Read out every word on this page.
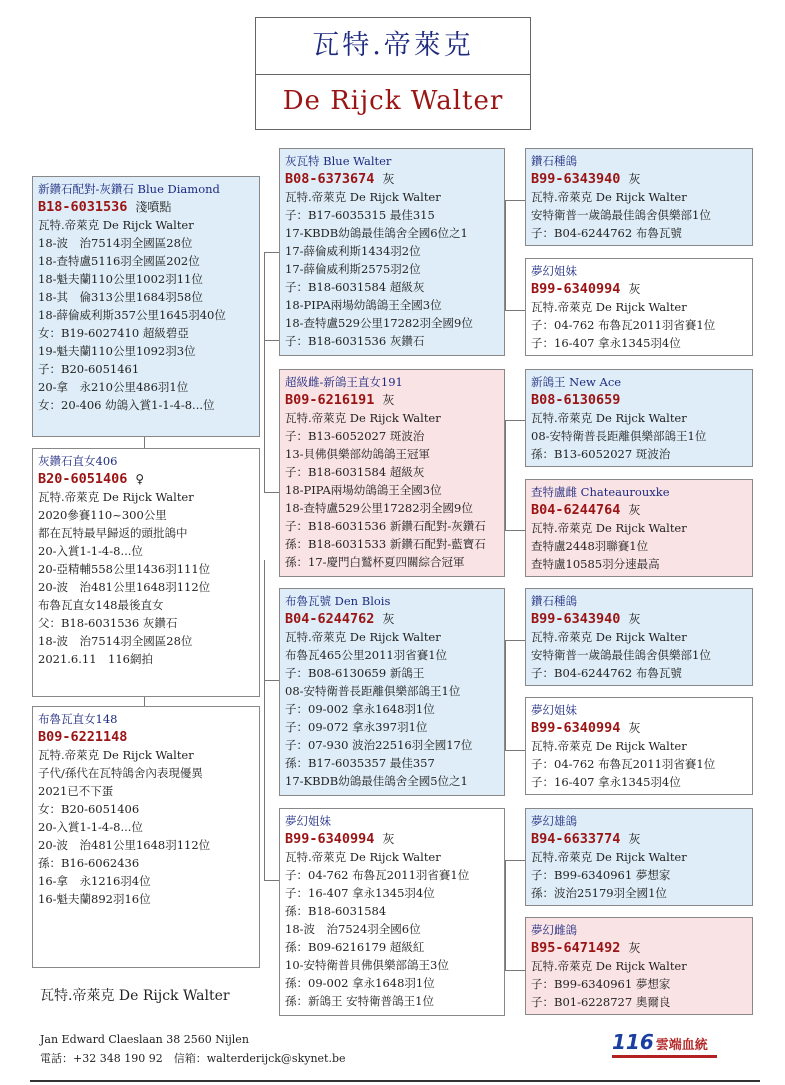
瓦特.帝萊克
De Rijck Walter
新鑽石配對-灰鑽石 Blue Diamond
B18-6031536 淺噴點
瓦特.帝萊克 De Rijck Walter
18-波　治7514羽全國區28位
18-查特盧5116羽全國區202位
18-魁夫蘭110公里1002羽11位
18-其　倫313公里1684羽58位
18-薛倫威利斯357公里1645羽40位
女：B19-6027410 超級碧亞
19-魁夫蘭110公里1092羽3位
子：B20-6051461
20-拿　永210公里486羽1位
女：20-406 幼鴿入賞1-1-4-8...位
灰鑽石直女406
B20-6051406 ♀
瓦特.帝萊克 De Rijck Walter
2020參賽110~300公里
都在瓦特最早歸返的頭批鴿中
20-入賞1-1-4-8...位
20-亞精輔558公里1436羽111位
20-波　治481公里1648羽112位
布魯瓦直女148最後直女
父：B18-6031536 灰鑽石
18-波　治7514羽全國區28位
2021.6.11　116網拍
布魯瓦直女148
B09-6221148
瓦特.帝萊克 De Rijck Walter
子代/孫代在瓦特鴿舍內表現優異
2021已不下蛋
女：B20-6051406
20-入賞1-1-4-8...位
20-波　治481公里1648羽112位
孫：B16-6062436
16-拿　永1216羽4位
16-魁夫蘭892羽16位
灰瓦特 Blue Walter
B08-6373674 灰
瓦特.帝萊克 De Rijck Walter
子：B17-6035315 最佳315
17-KBDB幼鴿最佳鴿舍全國6位之1
17-薛倫威利斯1434羽2位
17-薛倫威利斯2575羽2位
子：B18-6031584 超級灰
18-PIPA兩場幼鴿鴿王全國3位
18-查特盧529公里17282羽全國9位
子：B18-6031536 灰鑽石
超級雌-新鴿王直女191
B09-6216191 灰
瓦特.帝萊克 De Rijck Walter
子：B13-6052027 斑波治
13-貝佛俱樂部幼鴿鴿王冠軍
子：B18-6031584 超級灰
18-PIPA兩場幼鴿鴿王全國3位
18-查特盧529公里17282羽全國9位
子：B18-6031536 新鑽石配對-灰鑽石
孫：B18-6031533 新鑽石配對-藍寶石
孫：17-慶門白鷲杯夏四關綜合冠軍
布魯瓦號 Den Blois
B04-6244762 灰
瓦特.帝萊克 De Rijck Walter
布魯瓦465公里2011羽省賽1位
子：B08-6130659 新鴿王
08-安特衛普長距離俱樂部鴿王1位
子：09-002 拿永1648羽1位
子：09-072 拿永397羽1位
子：07-930 波治22516羽全國17位
孫：B17-6035357 最佳357
17-KBDB幼鴿最佳鴿舍全國5位之1
夢幻姐妹
B99-6340994 灰
瓦特.帝萊克 De Rijck Walter
子：04-762 布魯瓦2011羽省賽1位
子：16-407 拿永1345羽4位
孫：B18-6031584
18-波　治7524羽全國6位
孫：B09-6216179 超級紅
10-安特衛普貝佛俱樂部鴿王3位
孫：09-002 拿永1648羽1位
孫：新鴿王 安特衛普鴿王1位
鑽石種鴿
B99-6343940 灰
瓦特.帝萊克 De Rijck Walter
安特衛普一歲鴿最佳鴿舍俱樂部1位
子：B04-6244762 布魯瓦號
夢幻姐妹
B99-6340994 灰
瓦特.帝萊克 De Rijck Walter
子：04-762 布魯瓦2011羽省賽1位
子：16-407 拿永1345羽4位
新鴿王 New Ace
B08-6130659
瓦特.帝萊克 De Rijck Walter
08-安特衛普長距離俱樂部鴿王1位
孫：B13-6052027 斑波治
查特盧雌 Chateaurouxke
B04-6244764 灰
瓦特.帝萊克 De Rijck Walter
查特盧2448羽聯賽1位
查特盧10585羽分速最高
鑽石種鴿
B99-6343940 灰
瓦特.帝萊克 De Rijck Walter
安特衛普一歲鴿最佳鴿舍俱樂部1位
子：B04-6244762 布魯瓦號
夢幻姐妹
B99-6340994 灰
瓦特.帝萊克 De Rijck Walter
子：04-762 布魯瓦2011羽省賽1位
子：16-407 拿永1345羽4位
夢幻雄鴿
B94-6633774 灰
瓦特.帝萊克 De Rijck Walter
子：B99-6340961 夢想家
孫：波治25179羽全國1位
夢幻雌鴿
B95-6471492 灰
瓦特.帝萊克 De Rijck Walter
子：B99-6340961 夢想家
子：B01-6228727 奧爾良
瓦特.帝萊克 De Rijck Walter
Jan Edward Claeslaan 38 2560 Nijlen
電話：+32 348 190 92　信箱：walterderijck@skynet.be
116 雲端血統
